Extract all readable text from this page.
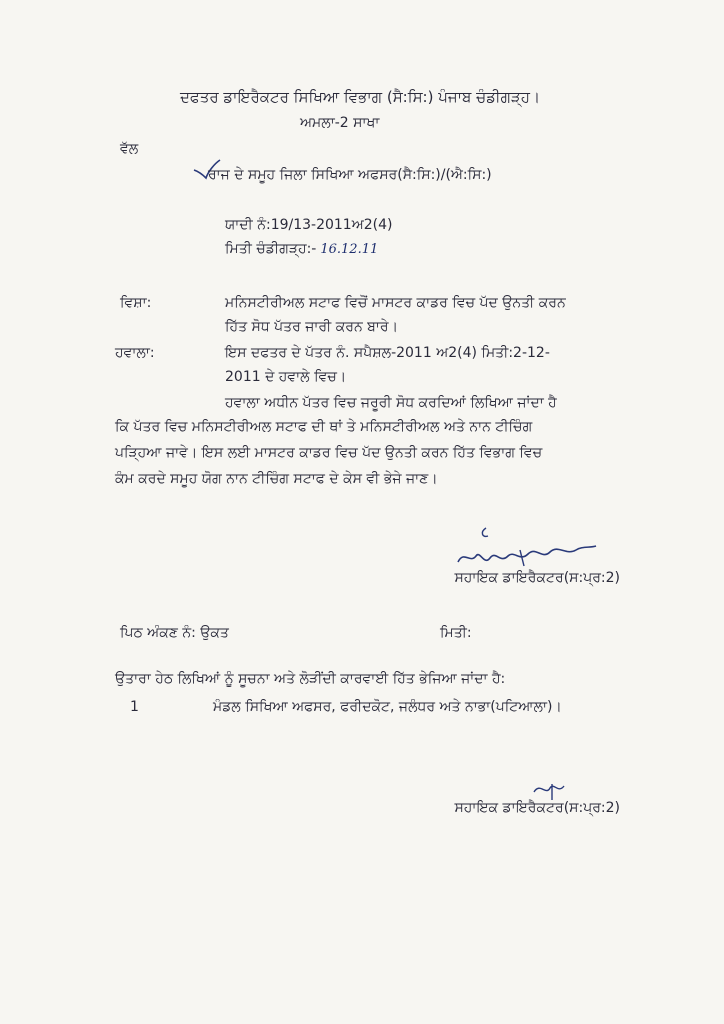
ਦਫਤਰ ਡਾਇਰੈਕਟਰ ਸਿਖਿਆ ਵਿਭਾਗ (ਸੈ:ਸਿ:) ਪੰਜਾਬ ਚੰਡੀਗੜ੍ਹ।
ਅਮਲਾ-2 ਸਾਖਾ
ਵੱਲ
ਰਾਜ ਦੇ ਸਮੂਹ ਜਿਲਾ ਸਿਖਿਆ ਅਫਸਰ(ਸੈ:ਸਿ:)/(ਐ:ਸਿ:)
ਯਾਦੀ ਨੰ:19/13-2011ਅ2(4)
ਮਿਤੀ ਚੰਡੀਗੜ੍ਹ:- 16.12.11
ਵਿਸ਼ਾ:	ਮਨਿਸਟੀਰੀਅਲ ਸਟਾਫ ਵਿਚੋਂ ਮਾਸਟਰ ਕਾਡਰ ਵਿਚ ਪੱਦ ਉਨਤੀ ਕਰਨ
ਹਿੱਤ ਸੋਧ ਪੱਤਰ ਜਾਰੀ ਕਰਨ ਬਾਰੇ।
ਹਵਾਲਾ:	ਇਸ ਦਫਤਰ ਦੇ ਪੱਤਰ ਨੰ. ਸਪੈਸ਼ਲ-2011 ਅ2(4) ਮਿਤੀ:2-12-
2011 ਦੇ ਹਵਾਲੇ ਵਿਚ।
ਹਵਾਲਾ ਅਧੀਨ ਪੱਤਰ ਵਿਚ ਜਰੂਰੀ ਸੋਧ ਕਰਦਿਆਂ ਲਿਖਿਆ ਜਾਂਦਾ ਹੈ
ਕਿ ਪੱਤਰ ਵਿਚ ਮਨਿਸਟੀਰੀਅਲ ਸਟਾਫ ਦੀ ਥਾਂ ਤੇ ਮਨਿਸਟੀਰੀਅਲ ਅਤੇ ਨਾਨ ਟੀਚਿੰਗ
ਪੜ੍ਹਿਆ ਜਾਵੇ। ਇਸ ਲਈ ਮਾਸਟਰ ਕਾਡਰ ਵਿਚ ਪੱਦ ਉਨਤੀ ਕਰਨ ਹਿੱਤ ਵਿਭਾਗ ਵਿਚ
ਕੰਮ ਕਰਦੇ ਸਮੂਹ ਯੋਗ ਨਾਨ ਟੀਚਿੰਗ ਸਟਾਫ ਦੇ ਕੇਸ ਵੀ ਭੇਜੇ ਜਾਣ।
ਸਹਾਇਕ ਡਾਇਰੈਕਟਰ(ਸ:ਪ੍ਰ:2)
ਪਿਠ ਅੰਕਣ ਨੰ: ਉਕਤ	ਮਿਤੀ:
ਉਤਾਰਾ ਹੇਠ ਲਿਖਿਆਂ ਨੂੰ ਸੂਚਨਾ ਅਤੇ ਲੋੜੀਂਦੀ ਕਾਰਵਾਈ ਹਿੱਤ ਭੇਜਿਆ ਜਾਂਦਾ ਹੈ:
1	ਮੰਡਲ ਸਿਖਿਆ ਅਫਸਰ, ਫਰੀਦਕੋਟ, ਜਲੰਧਰ ਅਤੇ ਨਾਭਾ(ਪਟਿਆਲਾ)।
ਸਹਾਇਕ ਡਾਇਰੈਕਟਰ(ਸ:ਪ੍ਰ:2)
